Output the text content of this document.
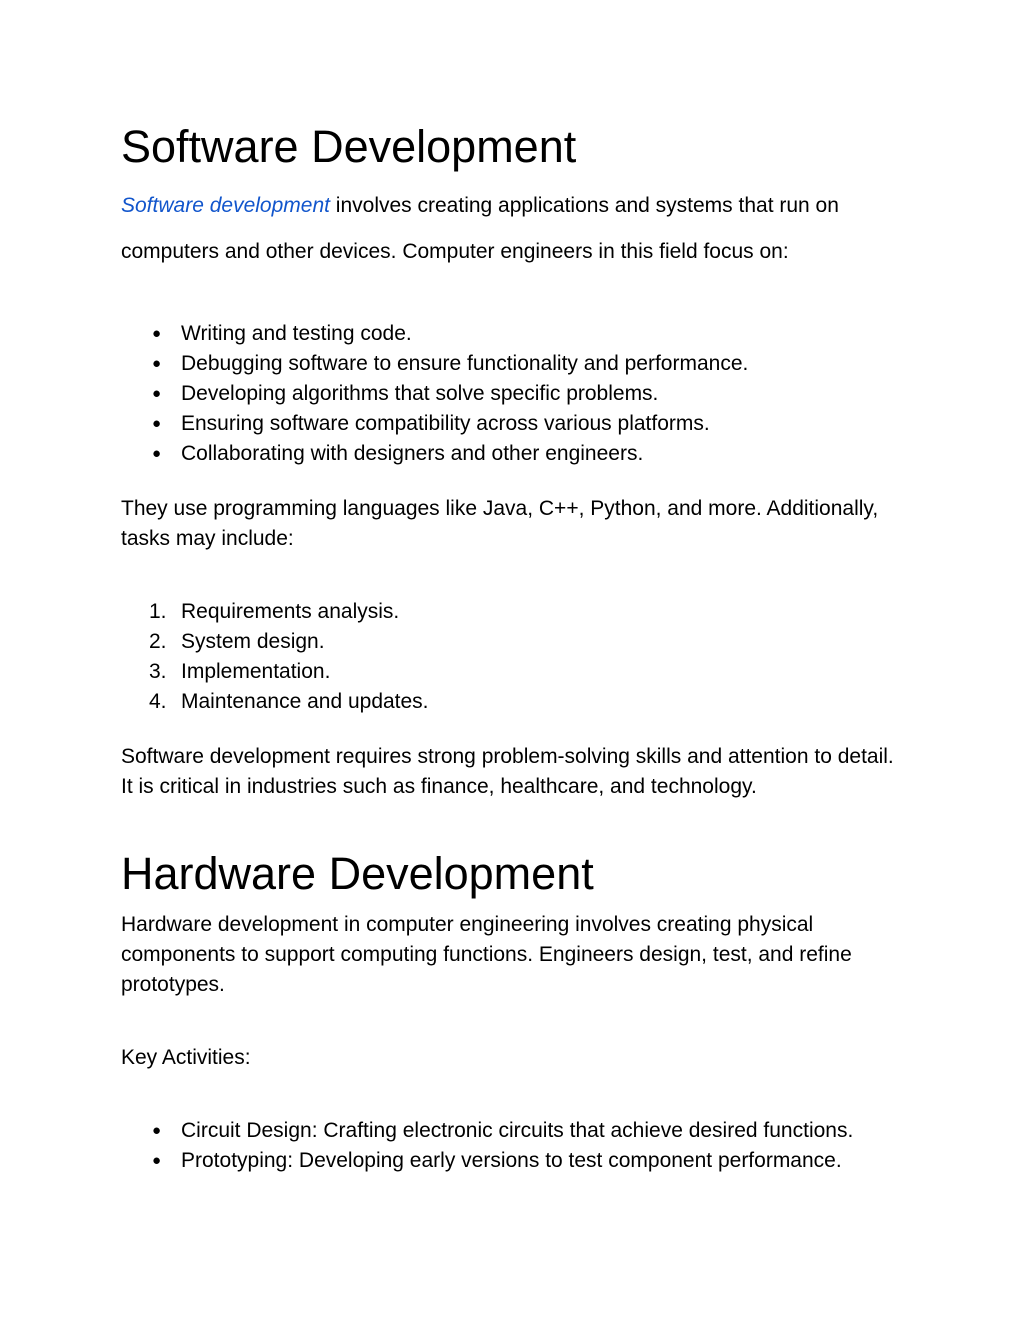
Software Development

Software development involves creating applications and systems that run on computers and other devices. Computer engineers in this field focus on:

● Writing and testing code.
● Debugging software to ensure functionality and performance.
● Developing algorithms that solve specific problems.
● Ensuring software compatibility across various platforms.
● Collaborating with designers and other engineers.

They use programming languages like Java, C++, Python, and more. Additionally, tasks may include:

1. Requirements analysis.
2. System design.
3. Implementation.
4. Maintenance and updates.

Software development requires strong problem-solving skills and attention to detail. It is critical in industries such as finance, healthcare, and technology.

Hardware Development

Hardware development in computer engineering involves creating physical components to support computing functions. Engineers design, test, and refine prototypes.

Key Activities:

● Circuit Design: Crafting electronic circuits that achieve desired functions.
● Prototyping: Developing early versions to test component performance.
